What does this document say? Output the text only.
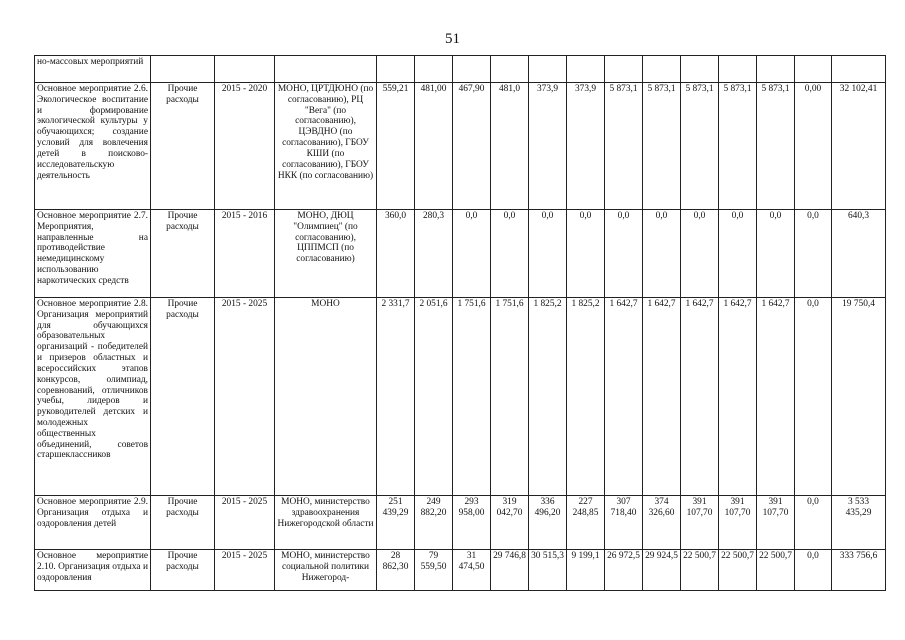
51
но-массовых мероприятий																
Основное мероприятие 2.6. Экологическое воспитание и формирование экологической культуры у обучающихся; создание условий для вовлечения детей в поисково-исследовательскую деятельность	Прочие расходы	2015 - 2020	МОНО, ЦРТДЮНО (по согласованию), РЦ "Вега" (по согласованию), ЦЭВДНО (по согласованию), ГБОУ КШИ (по согласованию), ГБОУ НКК (по согласованию)	559,21	481,00	467,90	481,0	373,9	373,9	5 873,1	5 873,1	5 873,1	5 873,1	5 873,1	0,00	32 102,41
Основное мероприятие 2.7. Мероприятия, направленные на противодействие немедицинскому использованию наркотических средств	Прочие расходы	2015 - 2016	МОНО, ДЮЦ "Олимпиец" (по согласованию), ЦППМСП (по согласованию)	360,0	280,3	0,0	0,0	0,0	0,0	0,0	0,0	0,0	0,0	0,0	0,0	640,3
Основное мероприятие 2.8. Организация мероприятий для обучающихся образовательных организаций - победителей и призеров областных и всероссийских этапов конкурсов, олимпиад, соревнований, отличников учебы, лидеров и руководителей детских и молодежных общественных объединений, советов старшеклассников	Прочие расходы	2015 - 2025	МОНО	2 331,7	2 051,6	1 751,6	1 751,6	1 825,2	1 825,2	1 642,7	1 642,7	1 642,7	1 642,7	1 642,7	0,0	19 750,4
Основное мероприятие 2.9. Организация отдыха и оздоровления детей	Прочие расходы	2015 - 2025	МОНО, министерство здравоохранения Нижегородской области	251 439,29	249 882,20	293 958,00	319 042,70	336 496,20	227 248,85	307 718,40	374 326,60	391 107,70	391 107,70	391 107,70	0,0	3 533 435,29
Основное мероприятие 2.10. Организация отдыха и оздоровления	Прочие расходы	2015 - 2025	МОНО, министерство социальной политики Нижегород-	28 862,30	79 559,50	31 474,50	29 746,8	30 515,3	9 199,1	26 972,5	29 924,5	22 500,7	22 500,7	22 500,7	0,0	333 756,6
